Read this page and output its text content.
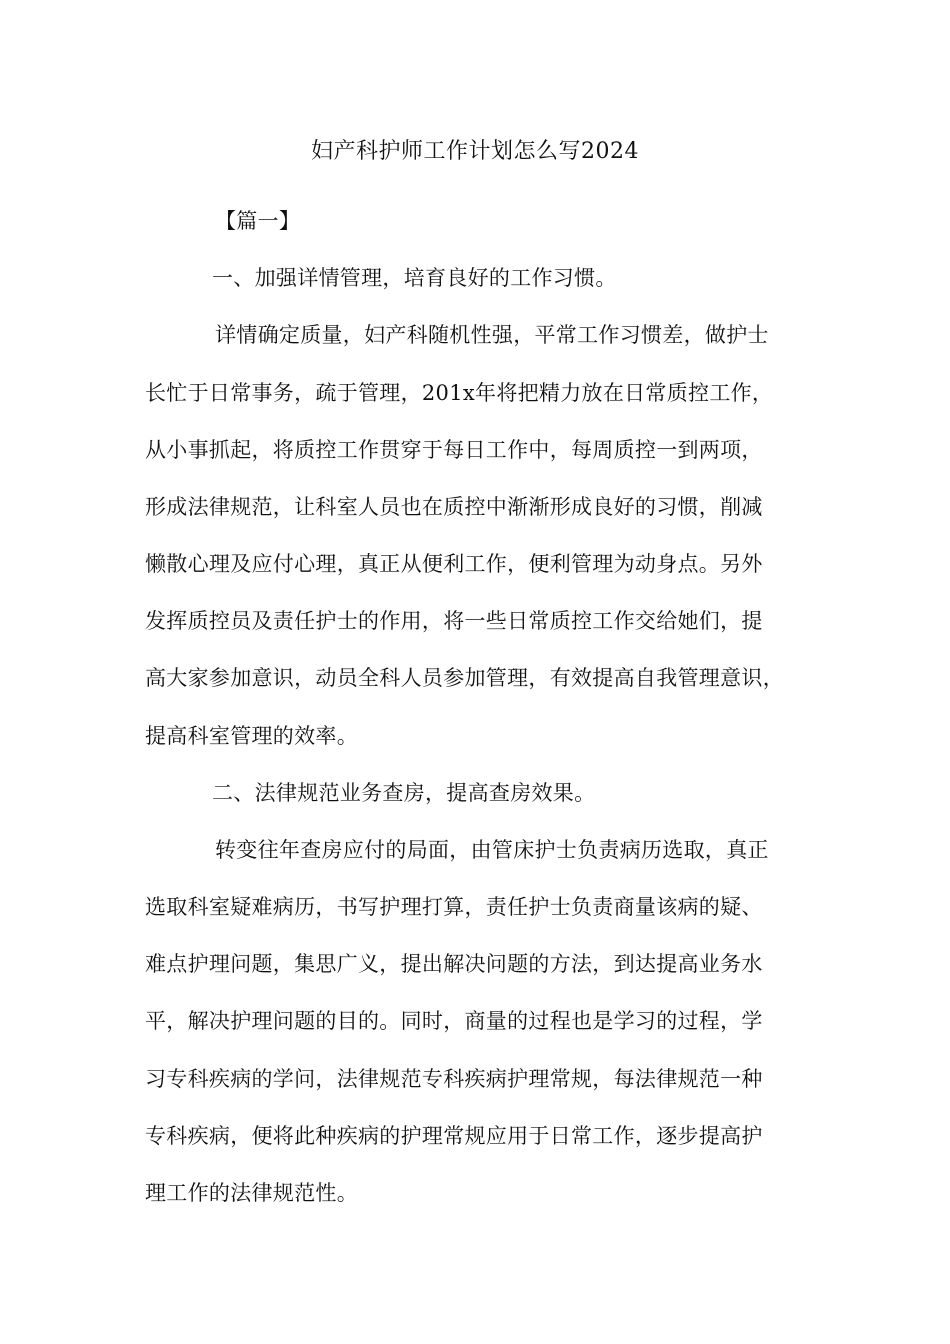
妇产科护师工作计划怎么写2024
【篇一】
一、加强详情管理，培育良好的工作习惯。
详情确定质量，妇产科随机性强，平常工作习惯差，做护士
长忙于日常事务，疏于管理，201x年将把精力放在日常质控工作，
从小事抓起，将质控工作贯穿于每日工作中，每周质控一到两项，
形成法律规范，让科室人员也在质控中渐渐形成良好的习惯，削减
懒散心理及应付心理，真正从便利工作，便利管理为动身点。另外
发挥质控员及责任护士的作用，将一些日常质控工作交给她们，提
高大家参加意识，动员全科人员参加管理，有效提高自我管理意识，
提高科室管理的效率。
二、法律规范业务查房，提高查房效果。
转变往年查房应付的局面，由管床护士负责病历选取，真正
选取科室疑难病历，书写护理打算，责任护士负责商量该病的疑、
难点护理问题，集思广义，提出解决问题的方法，到达提高业务水
平，解决护理问题的目的。同时，商量的过程也是学习的过程，学
习专科疾病的学问，法律规范专科疾病护理常规，每法律规范一种
专科疾病，便将此种疾病的护理常规应用于日常工作，逐步提高护
理工作的法律规范性。
